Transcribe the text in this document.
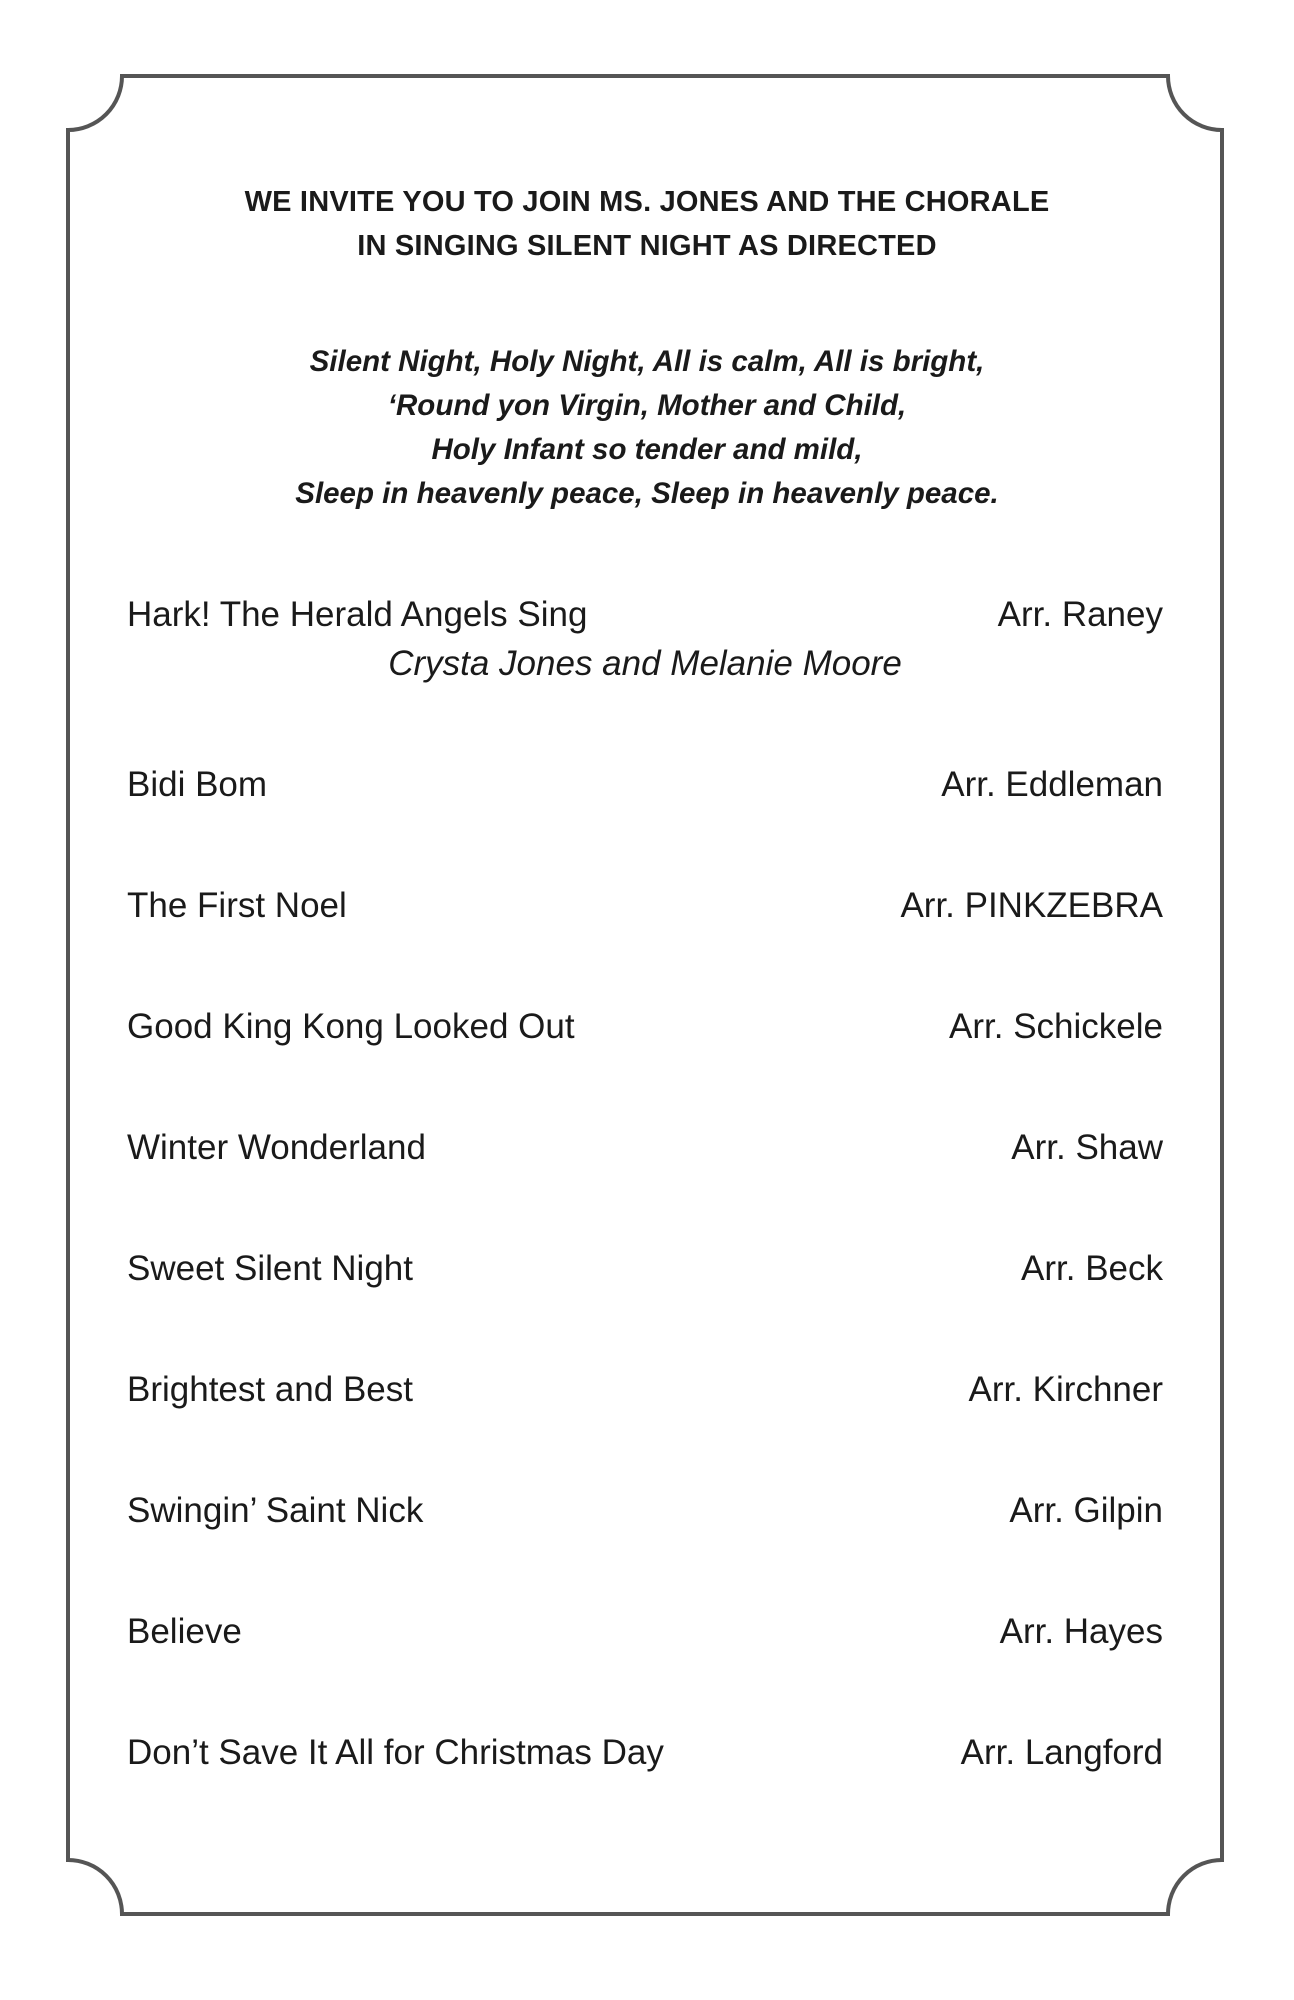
WE INVITE YOU TO JOIN MS. JONES AND THE CHORALE
IN SINGING SILENT NIGHT AS DIRECTED
Silent Night, Holy Night, All is calm, All is bright,
‘Round yon Virgin, Mother and Child,
Holy Infant so tender and mild,
Sleep in heavenly peace, Sleep in heavenly peace.
Hark! The Herald Angels Sing	Arr. Raney
Crysta Jones and Melanie Moore
Bidi Bom	Arr. Eddleman
The First Noel	Arr. PINKZEBRA
Good King Kong Looked Out	Arr. Schickele
Winter Wonderland	Arr. Shaw
Sweet Silent Night	Arr. Beck
Brightest and Best	Arr. Kirchner
Swingin’ Saint Nick	Arr. Gilpin
Believe	Arr. Hayes
Don’t Save It All for Christmas Day	Arr. Langford
